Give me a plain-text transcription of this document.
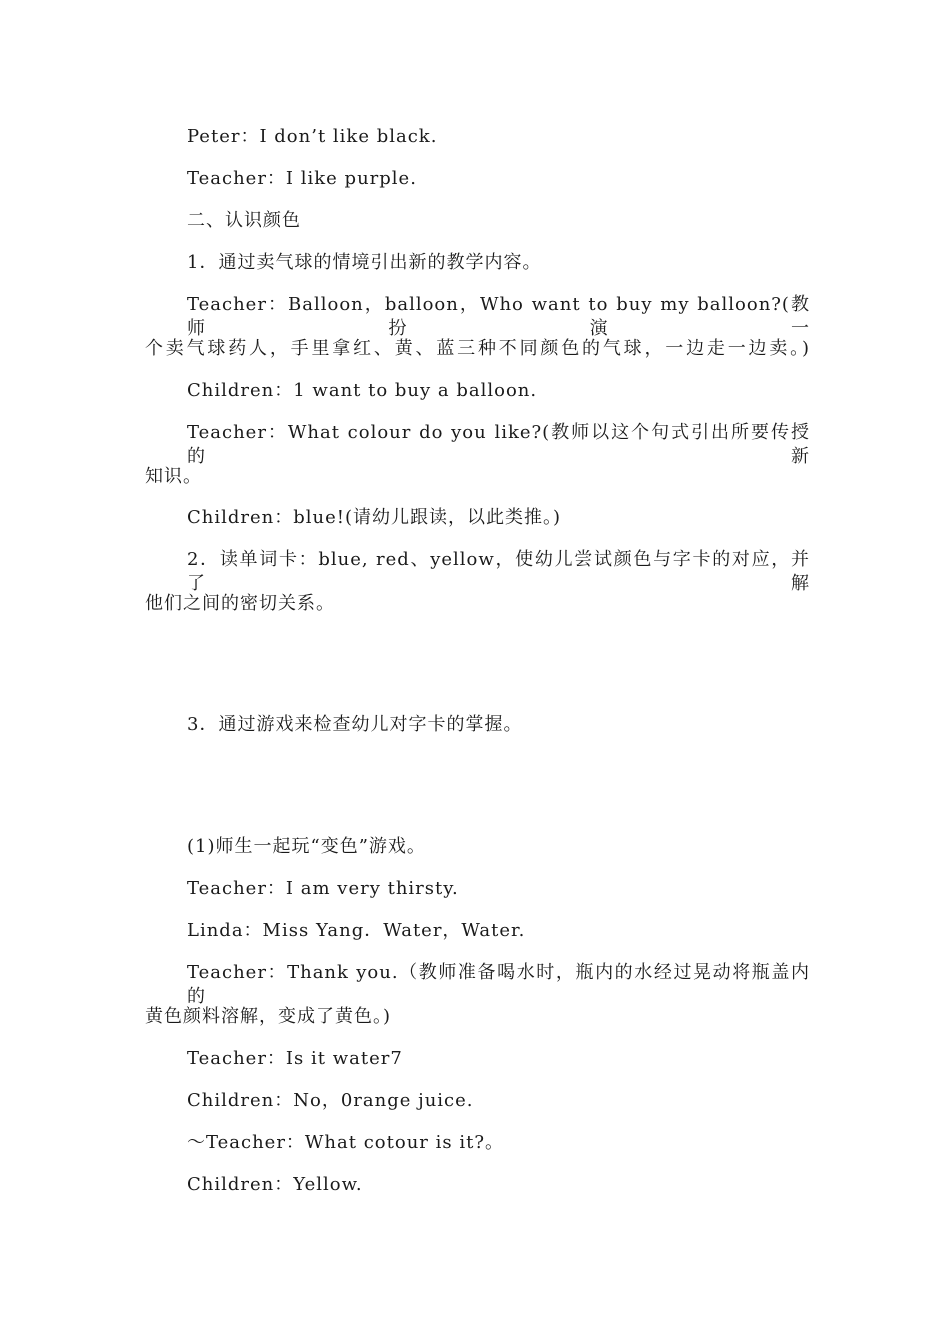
Peter：I don’t like black.
Teacher：I like purple.
二、认识颜色
1．通过卖气球的情境引出新的教学内容。
Teacher：Balloon，balloon，Who want to buy my balloon?(教师扮演一
个卖气球药人，手里拿红、黄、蓝三种不同颜色的气球，一边走一边卖。)
Children：1 want to buy a balloon.
Teacher：What colour do you like?(教师以这个句式引出所要传授的新
知识。
Children：blue!(请幼儿跟读，以此类推。)
2．读单词卡：blue, red、yellow，使幼儿尝试颜色与字卡的对应，并了解
他们之间的密切关系。
3．通过游戏来检查幼儿对字卡的掌握。
(1)师生一起玩“变色”游戏。
Teacher：I am very thirsty.
Linda：Miss Yang．Water，Water.
Teacher：Thank you.（教师准备喝水时，瓶内的水经过晃动将瓶盖内的
黄色颜料溶解，变成了黄色。)
Teacher：Is it water7
Children：No，0range juice.
～Teacher：What cotour is it?。
Children：Yellow.
